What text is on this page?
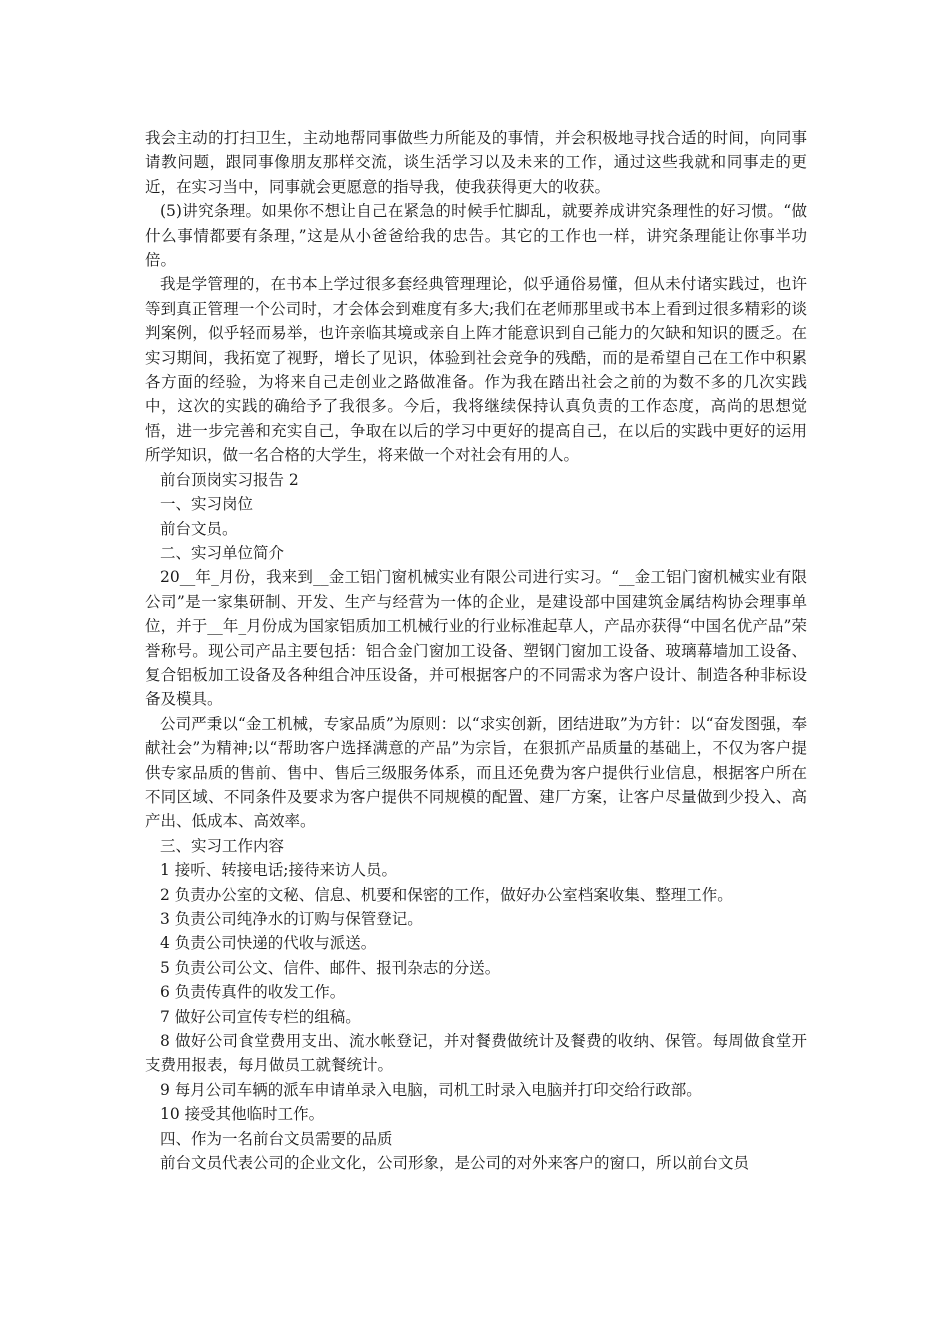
我会主动的打扫卫生，主动地帮同事做些力所能及的事情，并会积极地寻找合适的时间，向同事请教问题，跟同事像朋友那样交流，谈生活学习以及未来的工作，通过这些我就和同事走的更近，在实习当中，同事就会更愿意的指导我，使我获得更大的收获。

(5)讲究条理。如果你不想让自己在紧急的时候手忙脚乱，就要养成讲究条理性的好习惯。“做什么事情都要有条理，”这是从小爸爸给我的忠告。其它的工作也一样，讲究条理能让你事半功倍。

我是学管理的，在书本上学过很多套经典管理理论，似乎通俗易懂，但从未付诸实践过，也许等到真正管理一个公司时，才会体会到难度有多大;我们在老师那里或书本上看到过很多精彩的谈判案例，似乎轻而易举，也许亲临其境或亲自上阵才能意识到自己能力的欠缺和知识的匮乏。在实习期间，我拓宽了视野，增长了见识，体验到社会竞争的残酷，而的是希望自己在工作中积累各方面的经验，为将来自己走创业之路做准备。作为我在踏出社会之前的为数不多的几次实践中，这次的实践的确给予了我很多。今后，我将继续保持认真负责的工作态度，高尚的思想觉悟，进一步完善和充实自己，争取在以后的学习中更好的提高自己，在以后的实践中更好的运用所学知识，做一名合格的大学生，将来做一个对社会有用的人。

前台顶岗实习报告 2

一、实习岗位

前台文员。

二、实习单位简介

20__年_月份，我来到__金工铝门窗机械实业有限公司进行实习。“__金工铝门窗机械实业有限公司”是一家集研制、开发、生产与经营为一体的企业，是建设部中国建筑金属结构协会理事单位，并于__年_月份成为国家铝质加工机械行业的行业标准起草人，产品亦获得“中国名优产品”荣誉称号。现公司产品主要包括：铝合金门窗加工设备、塑钢门窗加工设备、玻璃幕墙加工设备、复合铝板加工设备及各种组合冲压设备，并可根据客户的不同需求为客户设计、制造各种非标设备及模具。

公司严秉以“金工机械，专家品质”为原则：以“求实创新，团结进取”为方针：以“奋发图强，奉献社会”为精神;以“帮助客户选择满意的产品”为宗旨，在狠抓产品质量的基础上，不仅为客户提供专家品质的售前、售中、售后三级服务体系，而且还免费为客户提供行业信息，根据客户所在不同区域、不同条件及要求为客户提供不同规模的配置、建厂方案，让客户尽量做到少投入、高产出、低成本、高效率。

三、实习工作内容

1 接听、转接电话;接待来访人员。

2 负责办公室的文秘、信息、机要和保密的工作，做好办公室档案收集、整理工作。

3 负责公司纯净水的订购与保管登记。

4 负责公司快递的代收与派送。

5 负责公司公文、信件、邮件、报刊杂志的分送。

6 负责传真件的收发工作。

7 做好公司宣传专栏的组稿。

8 做好公司食堂费用支出、流水帐登记，并对餐费做统计及餐费的收纳、保管。每周做食堂开支费用报表，每月做员工就餐统计。

9 每月公司车辆的派车申请单录入电脑，司机工时录入电脑并打印交给行政部。

10 接受其他临时工作。

四、作为一名前台文员需要的品质

前台文员代表公司的企业文化，公司形象，是公司的对外来客户的窗口，所以前台文员
